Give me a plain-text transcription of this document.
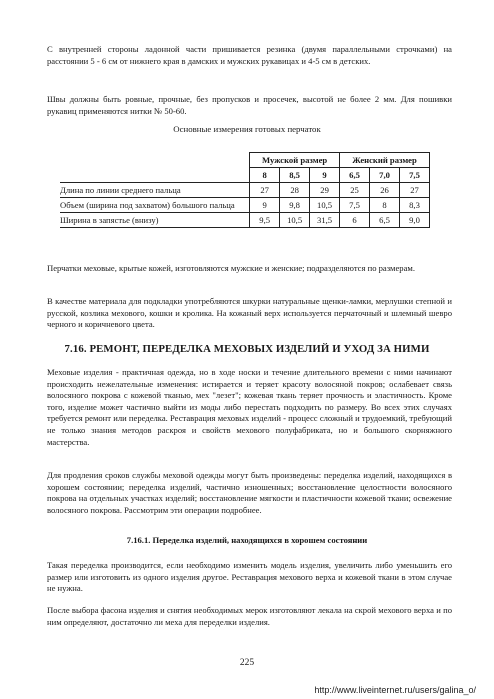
С внутренней стороны ладонной части пришивается резинка (двумя параллельными строчками) на расстоянии 5 - 6 см от нижнего края в дамских и мужских рукавицах и 4-5 см в детских.

Швы должны быть ровные, прочные, без пропусков и просечек, высотой не более 2 мм. Для пошивки рукавиц применяются нитки № 50-60.

Основные измерения готовых перчаток
	Мужской размер			Женский размер		
	8	8,5	9	6,5	7,0	7,5
Длина по линии среднего пальца	27	28	29	25	26	27
Объем (ширина под захватом) большого пальца	9	9,8	10,5	7,5	8	8,3
Ширина в запястье (внизу)	9,5	10,5	31,5	6	6,5	9,0

Перчатки меховые, крытые кожей, изготовляются мужские и женские; подразделяются по размерам.

В качестве материала для подкладки употребляются шкурки натуральные щенки-ламки, мерлушки степной и русской, козлика мехового, кошки и кролика. На кожаный верх используется перчаточный и шлемный шевро черного и коричневого цвета.

7.16. РЕМОНТ, ПЕРЕДЕЛКА МЕХОВЫХ ИЗДЕЛИЙ И УХОД ЗА НИМИ

Меховые изделия - практичная одежда, но в ходе носки и течение длительного времени с ними начинают происходить нежелательные изменения: истирается и теряет красоту волосяной покров; ослабевает связь волосяного покрова с кожевой тканью, мех "лезет"; кожевая ткань теряет прочность и эластичность. Кроме того, изделие может частично выйти из моды либо перестать подходить по размеру. Во всех этих случаях требуется ремонт или переделка. Реставрация меховых изделий - процесс сложный и трудоемкий, требующий не только знания методов раскроя и свойств мехового полуфабриката, но и большого скорняжного мастерства.

Для продления сроков службы меховой одежды могут быть произведены: переделка изделий, находящихся в хорошем состоянии; переделка изделий, частично изношенных; восстановление целостности волосяного покрова на отдельных участках изделий; восстановление мягкости и пластичности кожевой ткани; освежение волосяного покрова. Рассмотрим эти операции подробнее.

7.16.1. Переделка изделий, находящихся в хорошем состоянии

Такая переделка производится, если необходимо изменить модель изделия, увеличить либо уменьшить его размер или изготовить из одного изделия другое. Реставрация мехового верха и кожевой ткани в этом случае не нужна.

После выбора фасона изделия и снятия необходимых мерок изготовляют лекала на скрой мехового верха и по ним определяют, достаточно ли меха для переделки изделия.

225
http://www.liveinternet.ru/users/galina_o/
